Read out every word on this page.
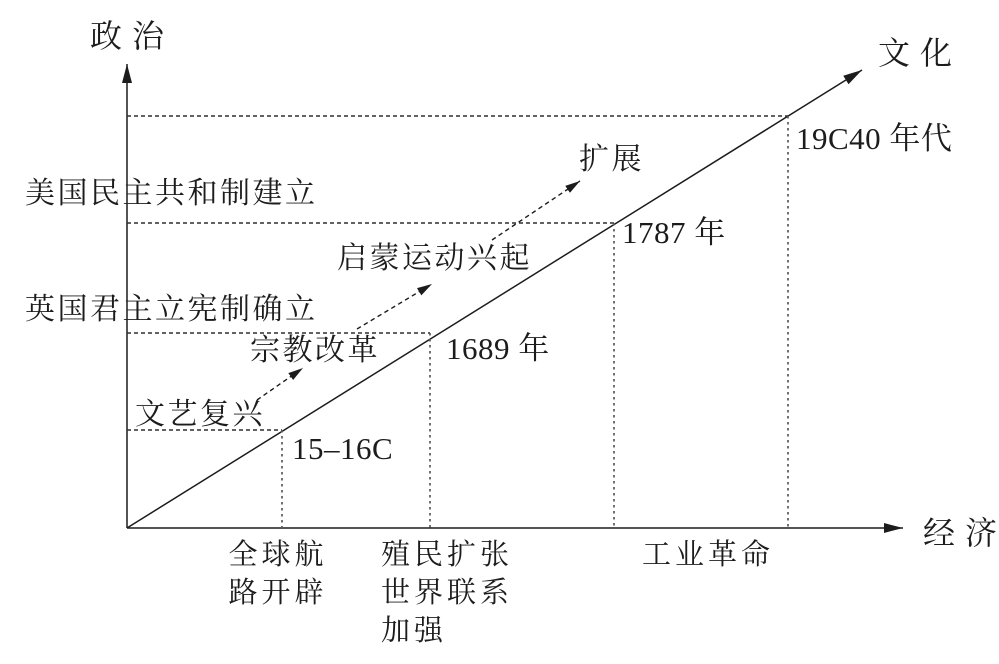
政 治
经 济
文 化
美国民主共和制建立
英国君主立宪制确立
文艺复兴
宗教改革
启蒙运动兴起
扩展
15–16C
1689 年
1787 年
19C40 年代
全球航
路开辟
殖民扩张
世界联系
加强
工业革命
